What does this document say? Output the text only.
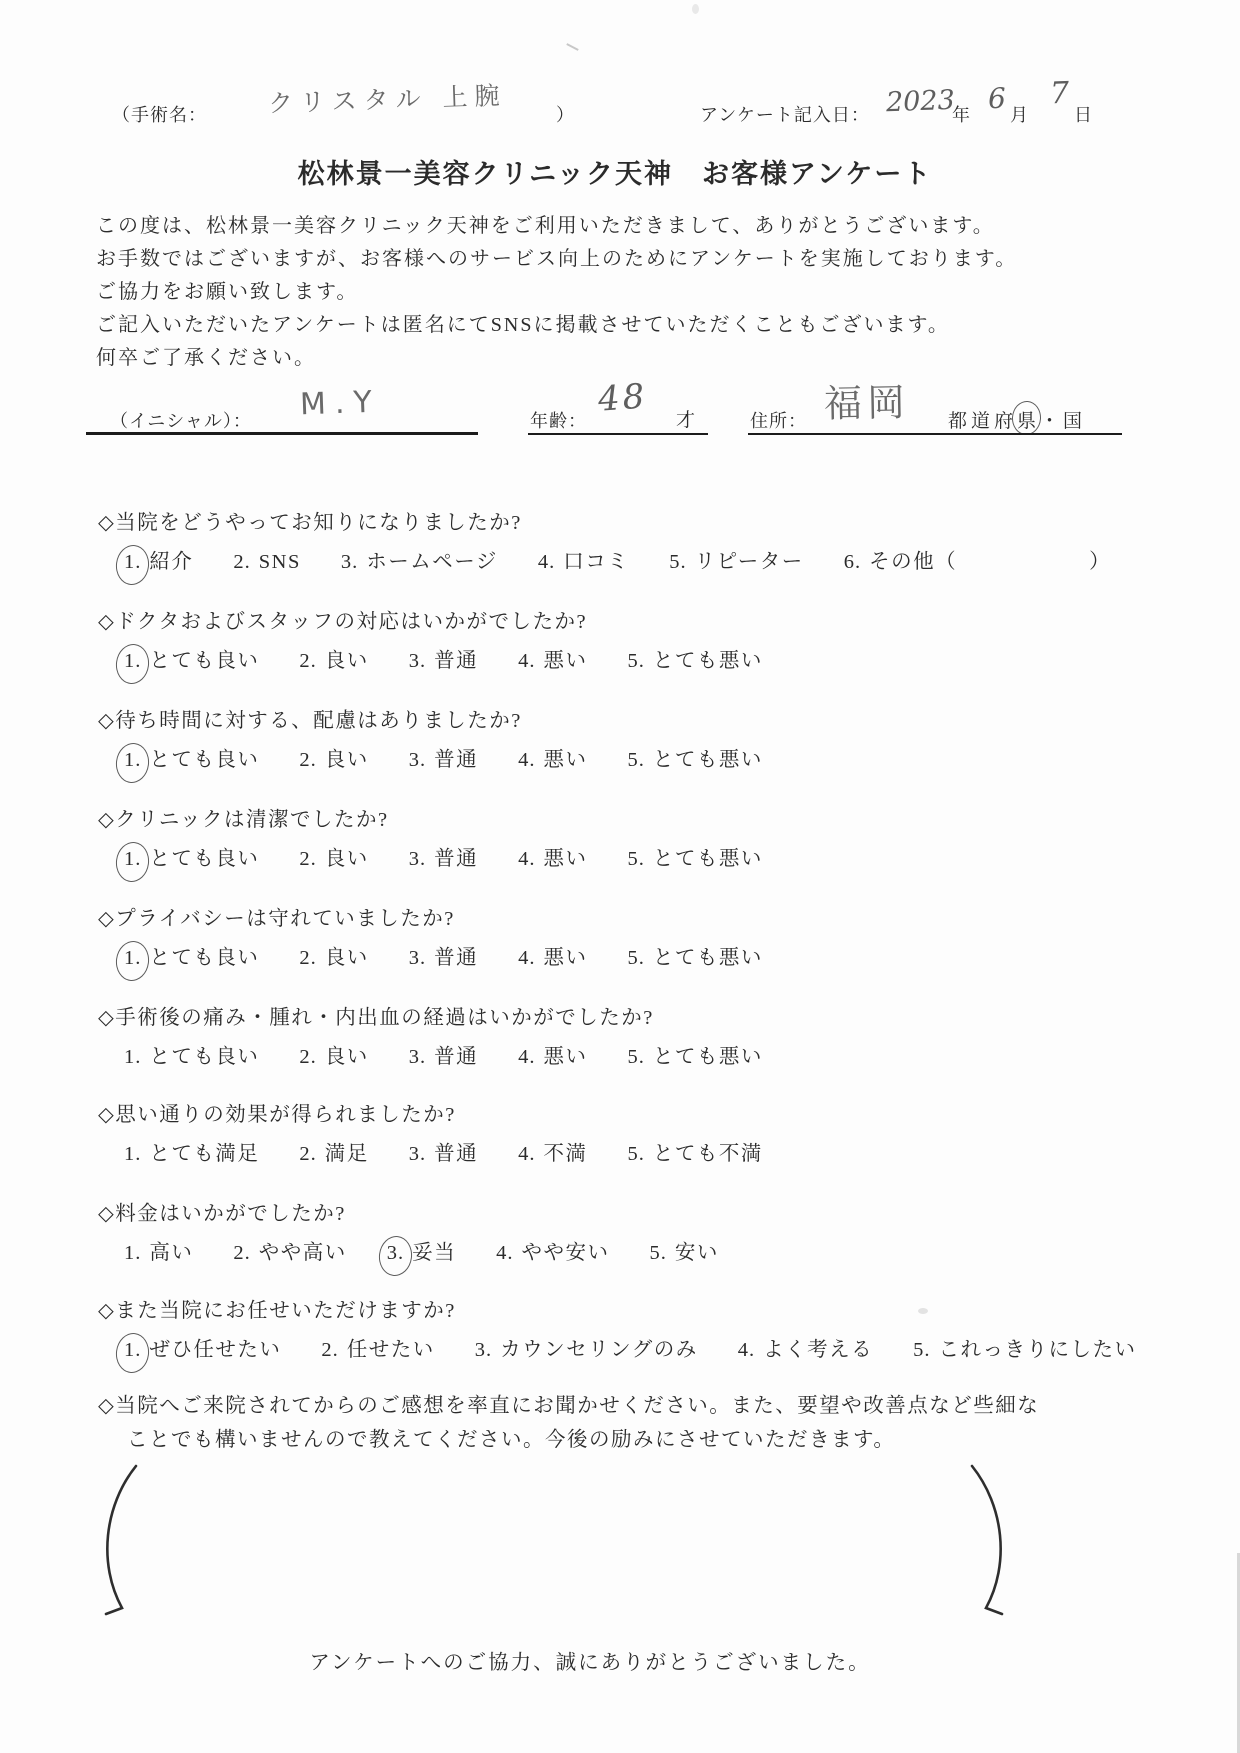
（手術名： クリスタル 上腕	）	アンケート記入日： 2023
年 6 月
7
日
松林景一美容クリニック天神　お客様アンケート
この度は、松林景一美容クリニック天神をご利用いただきまして、ありがとうございます。
お手数ではございますが、お客様へのサービス向上のためにアンケートを実施しております。
ご協力をお願い致します。
ご記入いただいたアンケートは匿名にてSNSに掲載させていただくこともございます。
何卒ご了承ください。
（イニシャル）： M.Y	年齢：
48
才	住所： 福岡 都道府県・国
◇当院をどうやってお知りになりましたか?
1. 紹介 2. SNS 3. ホームページ 4. 口コミ 5. リピーター 6. その他（　　　　　　）
◇ドクタおよびスタッフの対応はいかがでしたか?
1. とても良い 2. 良い 3. 普通 4. 悪い 5. とても悪い
◇待ち時間に対する、配慮はありましたか?
1. とても良い 2. 良い 3. 普通 4. 悪い 5. とても悪い
◇クリニックは清潔でしたか?
1. とても良い 2. 良い 3. 普通 4. 悪い 5. とても悪い
◇プライバシーは守れていましたか?
1. とても良い 2. 良い 3. 普通 4. 悪い 5. とても悪い
◇手術後の痛み・腫れ・内出血の経過はいかがでしたか?
1. とても良い 2. 良い 3. 普通 4. 悪い 5. とても悪い
◇思い通りの効果が得られましたか?
1. とても満足 2. 満足 3. 普通 4. 不満 5. とても不満
◇料金はいかがでしたか?
1. 高い 2. やや高い 3. 妥当 4. やや安い 5. 安い
◇また当院にお任せいただけますか?
1. ぜひ任せたい 2. 任せたい 3. カウンセリングのみ 4. よく考える 5. これっきりにしたい
◇当院へご来院されてからのご感想を率直にお聞かせください。また、要望や改善点など些細な
ことでも構いませんので教えてください。今後の励みにさせていただきます。
アンケートへのご協力、誠にありがとうございました。
